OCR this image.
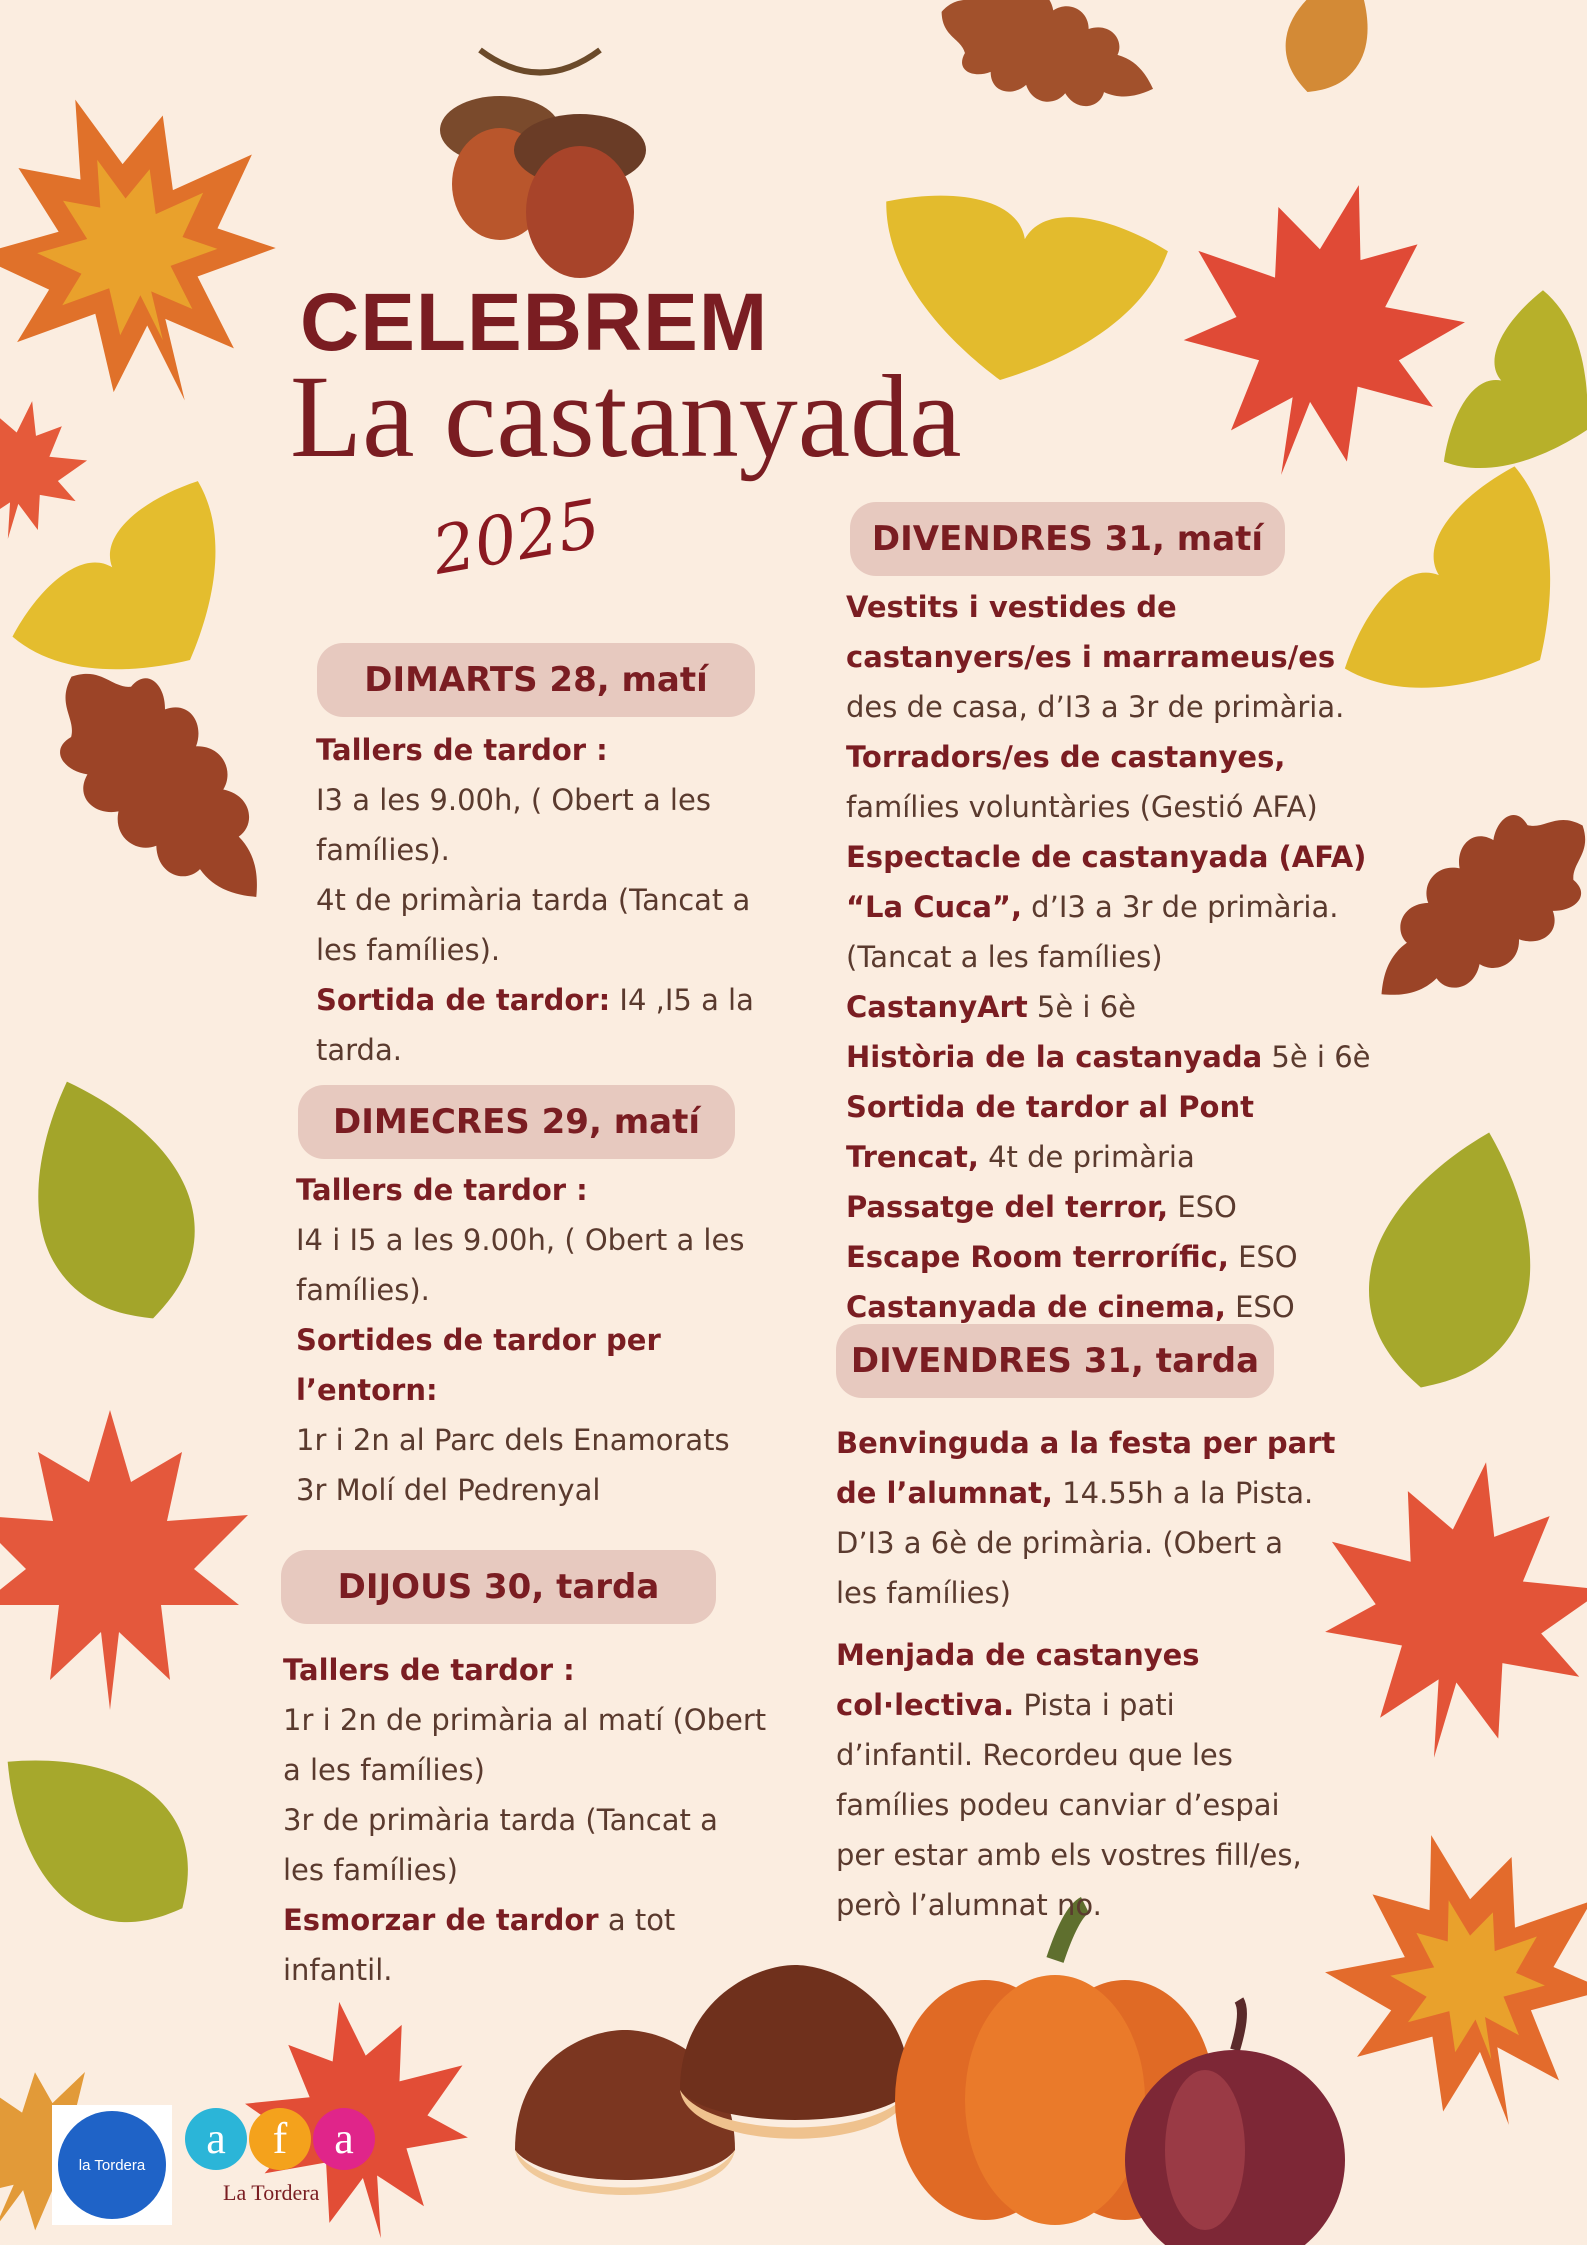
CELEBREM
La castanyada
2025
DIMARTS 28, matí

Tallers de tardor :

I3 a les 9.00h, ( Obert a les

famílies).

4t de primària tarda (Tancat a

les famílies).

Sortida de tardor: I4 ,I5 a la

tarda.

DIMECRES 29, matí

Tallers de tardor :

I4 i I5 a les 9.00h, ( Obert a les

famílies).

Sortides de tardor per

l’entorn:

1r i 2n al Parc dels Enamorats

3r Molí del Pedrenyal

DIJOUS 30, tarda

Tallers de tardor :

1r i 2n de primària al matí (Obert

a les famílies)

3r de primària tarda (Tancat a

les famílies)

Esmorzar de tardor a tot

infantil.

DIVENDRES 31, matí

Vestits i vestides de

castanyers/es i marrameus/es

des de casa, d’I3 a 3r de primària.

Torradors/es de castanyes,

famílies voluntàries (Gestió AFA)

Espectacle de castanyada (AFA)

“La Cuca”, d’I3 a 3r de primària.

(Tancat a les famílies)

CastanyArt 5è i 6è

Història de la castanyada 5è i 6è

Sortida de tardor al Pont

Trencat, 4t de primària

Passatge del terror, ESO

Escape Room terrorífic, ESO

Castanyada de cinema, ESO

DIVENDRES 31, tarda

Benvinguda a la festa per part

de l’alumnat, 14.55h a la Pista.

D’I3 a 6è de primària. (Obert a

les famílies)

Menjada de castanyes

col·lectiva. Pista i pati

d’infantil. Recordeu que les

famílies podeu canviar d’espai

per estar amb els vostres fill/es,

però l’alumnat no.

la Tordera
a	f	a
La Tordera
